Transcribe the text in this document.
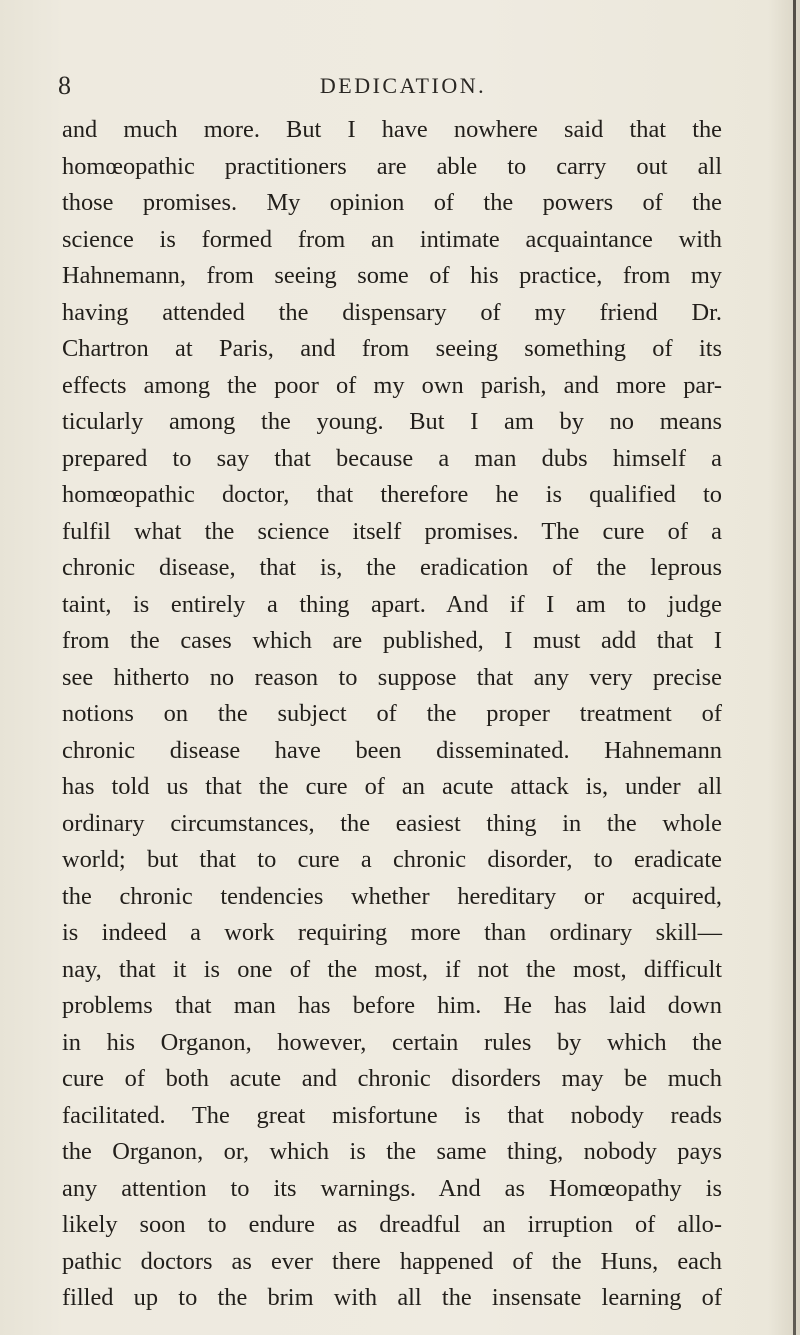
8	DEDICATION.
and much more. But I have nowhere said that the
homœopathic practitioners are able to carry out all
those promises. My opinion of the powers of the
science is formed from an intimate acquaintance with
Hahnemann, from seeing some of his practice, from my
having attended the dispensary of my friend Dr.
Chartron at Paris, and from seeing something of its
effects among the poor of my own parish, and more par-
ticularly among the young. But I am by no means
prepared to say that because a man dubs himself a
homœopathic doctor, that therefore he is qualified to
fulfil what the science itself promises. The cure of a
chronic disease, that is, the eradication of the leprous
taint, is entirely a thing apart. And if I am to judge
from the cases which are published, I must add that I
see hitherto no reason to suppose that any very precise
notions on the subject of the proper treatment of
chronic disease have been disseminated. Hahnemann
has told us that the cure of an acute attack is, under all
ordinary circumstances, the easiest thing in the whole
world; but that to cure a chronic disorder, to eradicate
the chronic tendencies whether hereditary or acquired,
is indeed a work requiring more than ordinary skill—
nay, that it is one of the most, if not the most, difficult
problems that man has before him. He has laid down
in his Organon, however, certain rules by which the
cure of both acute and chronic disorders may be much
facilitated. The great misfortune is that nobody reads
the Organon, or, which is the same thing, nobody pays
any attention to its warnings. And as Homœopathy is
likely soon to endure as dreadful an irruption of allo-
pathic doctors as ever there happened of the Huns, each
filled up to the brim with all the insensate learning of
